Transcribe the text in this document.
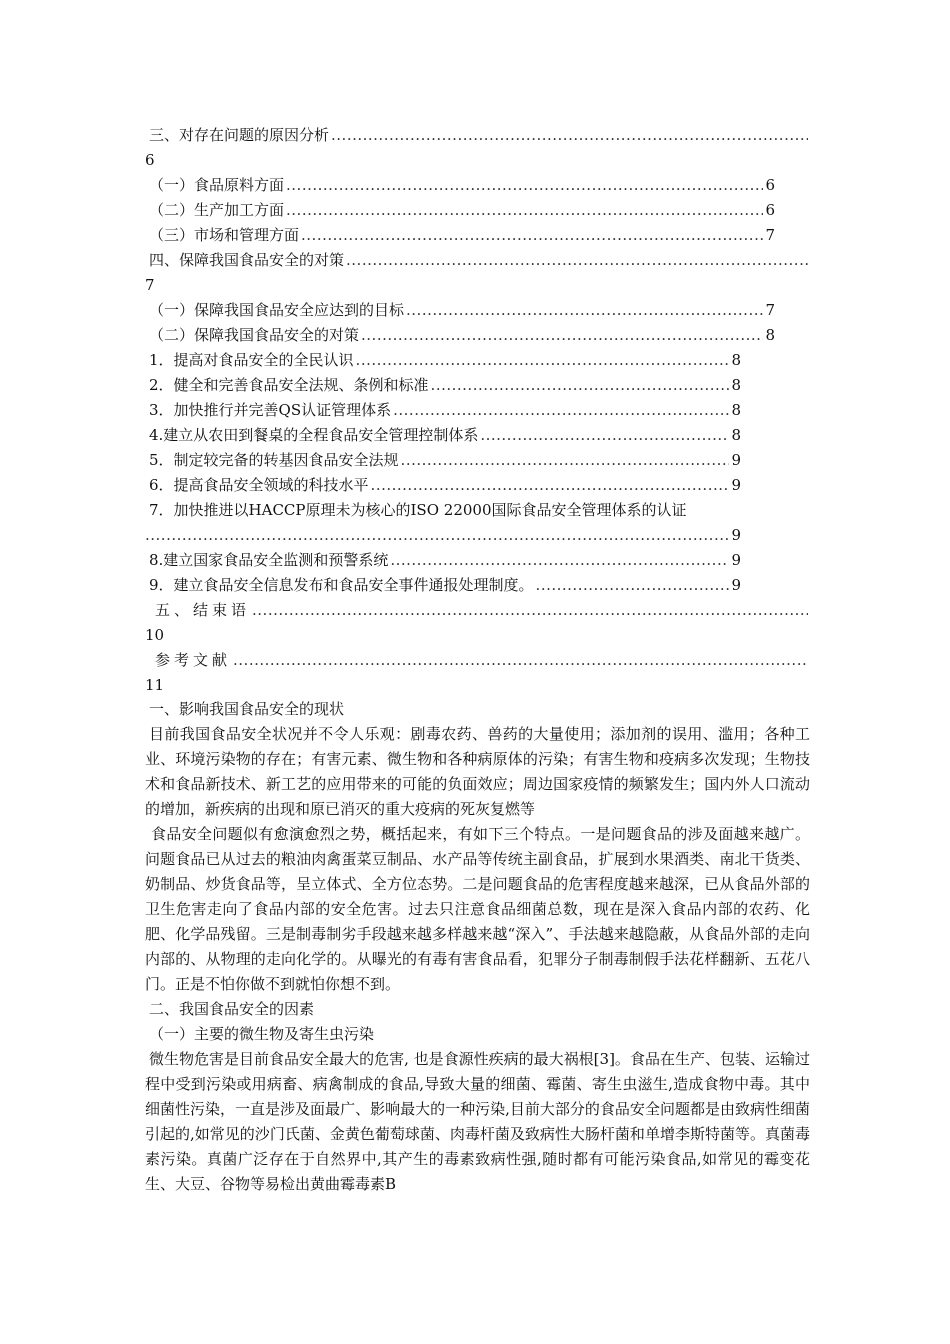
三、对存在问题的原因分析
.....
6
（一）食品原料方面 .....	6
（二）生产加工方面 .....	6
（三）市场和管理方面 .....	7
四、保障我国食品安全的对策
.....
7
（一）保障我国食品安全应达到的目标 .....	7
（二）保障我国食品安全的对策 .....	8
1．提高对食品安全的全民认识 .....	8
2．健全和完善食品安全法规、条例和标准 .....	8
3．加快推行并完善QS认证管理体系 .....	8
4.建立从农田到餐桌的全程食品安全管理控制体系 .....	8
5．制定较完备的转基因食品安全法规 .....	9
6．提高食品安全领域的科技水平 .....	9
7．加快推进以HACCP原理未为核心的ISO 22000国际食品安全管理体系的认证
.....
9
8.建立国家食品安全监测和预警系统 .....	9
9．建立食品安全信息发布和食品安全事件通报处理制度。 .....	9
五、结束语
.....
10
参考文献
.....
11
一、影响我国食品安全的现状

目前我国食品安全状况并不令人乐观：剧毒农药、兽药的大量使用；添加剂的误用、滥用；各种工业、环境污染物的存在；有害元素、微生物和各种病原体的污染；有害生物和疫病多次发现；生物技术和食品新技术、新工艺的应用带来的可能的负面效应；周边国家疫情的频繁发生；国内外人口流动的增加，新疾病的出现和原已消灭的重大疫病的死灰复燃等

食品安全问题似有愈演愈烈之势，概括起来，有如下三个特点。一是问题食品的涉及面越来越广。问题食品已从过去的粮油肉禽蛋菜豆制品、水产品等传统主副食品，扩展到水果酒类、南北干货类、奶制品、炒货食品等，呈立体式、全方位态势。二是问题食品的危害程度越来越深，已从食品外部的卫生危害走向了食品内部的安全危害。过去只注意食品细菌总数，现在是深入食品内部的农药、化肥、化学品残留。三是制毒制劣手段越来越多样越来越“深入”、手法越来越隐蔽，从食品外部的走向内部的、从物理的走向化学的。从曝光的有毒有害食品看，犯罪分子制毒制假手法花样翻新、五花八门。正是不怕你做不到就怕你想不到。

二、我国食品安全的因素
（一）主要的微生物及寄生虫污染

微生物危害是目前食品安全最大的危害, 也是食源性疾病的最大祸根[3]。食品在生产、包装、运输过程中受到污染或用病畜、病禽制成的食品,导致大量的细菌、霉菌、寄生虫滋生,造成食物中毒。其中细菌性污染，一直是涉及面最广、影响最大的一种污染,目前大部分的食品安全问题都是由致病性细菌引起的,如常见的沙门氏菌、金黄色葡萄球菌、肉毒杆菌及致病性大肠杆菌和单增李斯特菌等。真菌毒素污染。真菌广泛存在于自然界中,其产生的毒素致病性强,随时都有可能污染食品,如常见的霉变花生、大豆、谷物等易检出黄曲霉毒素B
